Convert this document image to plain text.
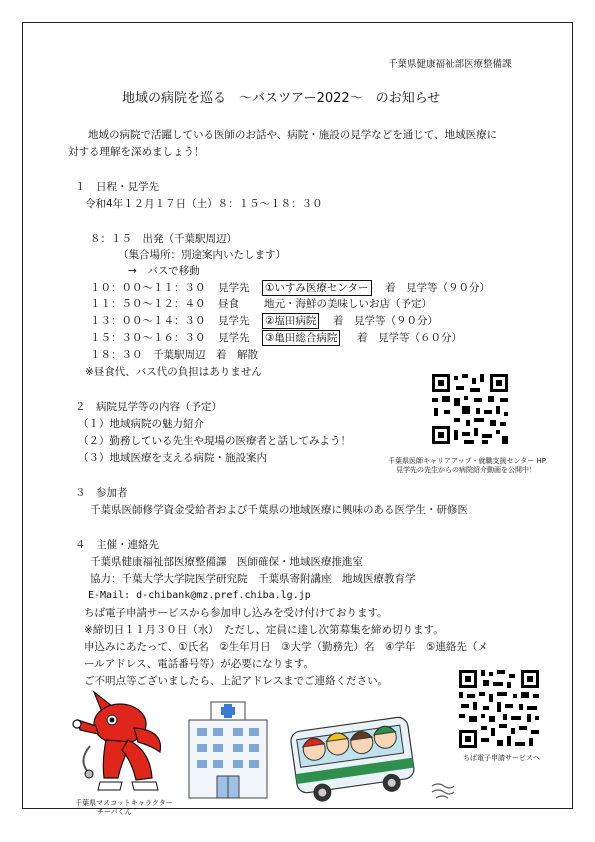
千葉県健康福祉部医療整備課
地域の病院を巡る　～バスツアー2022～　のお知らせ
地域の病院で活躍している医師のお話や、病院・施設の見学などを通じて、地域医療に
対する理解を深めましょう！
１　日程・見学先
令和4年１２月１７日（土）８：１５～１８：３０
８：１５　出発（千葉駅周辺）
（集合場所：別途案内いたします）
→　バスで移動
１０：００～１１：３０ 見学先 ①いすみ医療センター 着　見学等（９０分）
１１：５０～１２：４０ 昼食 地元・海鮮の美味しいお店（予定）
１３：００～１４：３０ 見学先 ②塩田病院 着　見学等（９０分）
１５：３０～１６：３０ 見学先 ③亀田総合病院 着　見学等（６０分）
１８：３０　千葉駅周辺　着　解散
※昼食代、バス代の負担はありません
千葉県医師キャリアアップ・就職支援センター HP
見学先の先生からの病院紹介動画を公開中！
２　病院見学等の内容（予定）
（１）地域病院の魅力紹介
（２）勤務している先生や現場の医療者と話してみよう！
（３）地域医療を支える病院・施設案内
３　参加者
千葉県医師修学資金受給者および千葉県の地域医療に興味のある医学生・研修医
４　主催・連絡先
千葉県健康福祉部医療整備課　医師確保・地域医療推進室
協力：千葉大学大学院医学研究院　千葉県寄附講座　地域医療教育学
E-Mail: d-chibank@mz.pref.chiba.lg.jp
ちば電子申請サービスから参加申し込みを受け付けております。
※締切日１１月３０日（水）　ただし、定員に達し次第募集を締め切ります。
申込みにあたって、①氏名　②生年月日　③大学（勤務先）名　④学年　⑤連絡先（メ
ールアドレス、電話番号等）が必要になります。
ご不明点等ございましたら、上記アドレスまでご連絡ください。
ちば電子申請サービスへ
千葉県マスコットキャラクター
チーバくん
